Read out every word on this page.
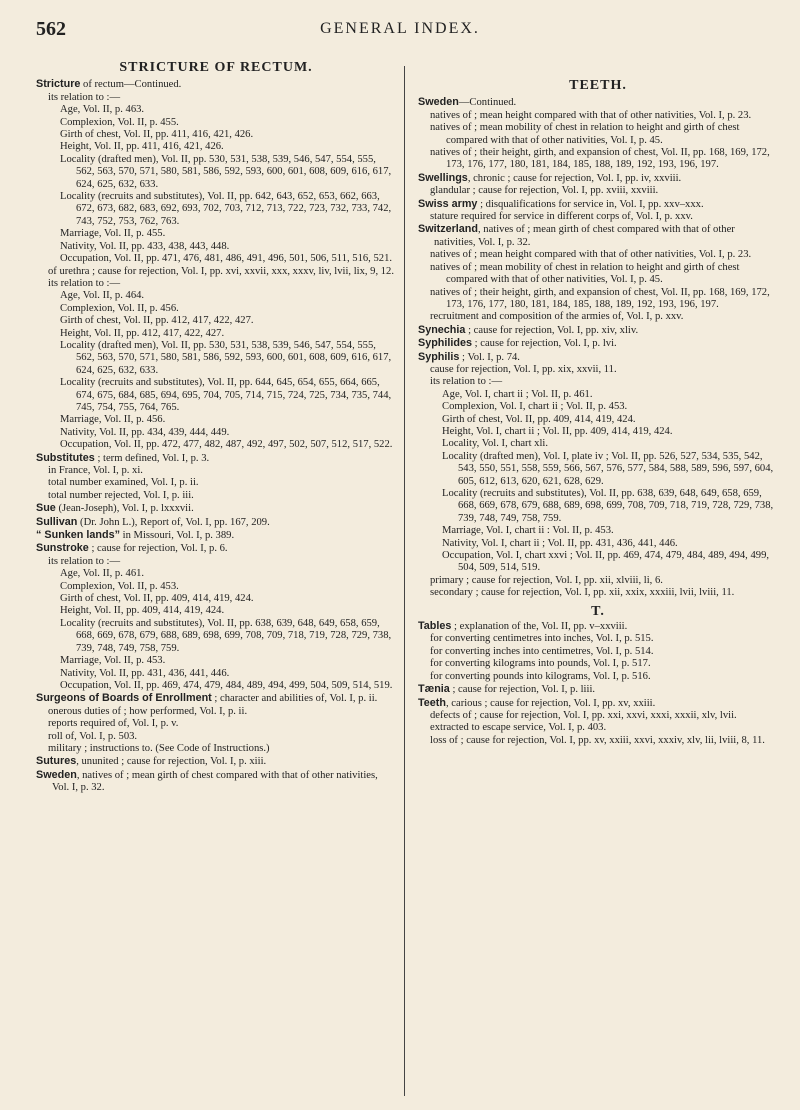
562	GENERAL INDEX.
STRICTURE OF RECTUM.
Stricture of rectum—Continued.
its relation to :—
Age, Vol. II, p. 463.
Complexion, Vol. II, p. 455.
Girth of chest, Vol. II, pp. 411, 416, 421, 426.
Height, Vol. II, pp. 411, 416, 421, 426.
Locality (drafted men), Vol. II, pp. 530, 531, 538, 539, 546, 547, 554, 555, 562, 563, 570, 571, 580, 581, 586, 592, 593, 600, 601, 608, 609, 616, 617, 624, 625, 632, 633.
Locality (recruits and substitutes), Vol. II, pp. 642, 643, 652, 653, 662, 663, 672, 673, 682, 683, 692, 693, 702, 703, 712, 713, 722, 723, 732, 733, 742, 743, 752, 753, 762, 763.
Marriage, Vol. II, p. 455.
Nativity, Vol. II, pp. 433, 438, 443, 448.
Occupation, Vol. II, pp. 471, 476, 481, 486, 491, 496, 501, 506, 511, 516, 521.
of urethra ; cause for rejection, Vol. I, pp. xvi, xxvii, xxx, xxxv, liv, lvii, lix, 9, 12.
its relation to :—
Age, Vol. II, p. 464.
Complexion, Vol. II, p. 456.
Girth of chest, Vol. II, pp. 412, 417, 422, 427.
Height, Vol. II, pp. 412, 417, 422, 427.
Locality (drafted men), Vol. II, pp. 530, 531, 538, 539, 546, 547, 554, 555, 562, 563, 570, 571, 580, 581, 586, 592, 593, 600, 601, 608, 609, 616, 617, 624, 625, 632, 633.
Locality (recruits and substitutes), Vol. II, pp. 644, 645, 654, 655, 664, 665, 674, 675, 684, 685, 694, 695, 704, 705, 714, 715, 724, 725, 734, 735, 744, 745, 754, 755, 764, 765.
Marriage, Vol. II, p. 456.
Nativity, Vol. II, pp. 434, 439, 444, 449.
Occupation, Vol. II, pp. 472, 477, 482, 487, 492, 497, 502, 507, 512, 517, 522.
Substitutes ; term defined, Vol. I, p. 3.
in France, Vol. I, p. xi.
total number examined, Vol. I, p. ii.
total number rejected, Vol. I, p. iii.
Sue (Jean-Joseph), Vol. I, p. lxxxvii.
Sullivan (Dr. John L.), Report of, Vol. I, pp. 167, 209.
“ Sunken lands” in Missouri, Vol. I, p. 389.
Sunstroke ; cause for rejection, Vol. I, p. 6.
its relation to :—
Age, Vol. II, p. 461.
Complexion, Vol. II, p. 453.
Girth of chest, Vol. II, pp. 409, 414, 419, 424.
Height, Vol. II, pp. 409, 414, 419, 424.
Locality (recruits and substitutes), Vol. II, pp. 638, 639, 648, 649, 658, 659, 668, 669, 678, 679, 688, 689, 698, 699, 708, 709, 718, 719, 728, 729, 738, 739, 748, 749, 758, 759.
Marriage, Vol. II, p. 453.
Nativity, Vol. II, pp. 431, 436, 441, 446.
Occupation, Vol. II, pp. 469, 474, 479, 484, 489, 494, 499, 504, 509, 514, 519.
Surgeons of Boards of Enrollment ; character and abilities of, Vol. I, p. ii.
onerous duties of ; how performed, Vol. I, p. ii.
reports required of, Vol. I, p. v.
roll of, Vol. I, p. 503.
military ; instructions to. (See Code of Instructions.)
Sutures, ununited ; cause for rejection, Vol. I, p. xiii.
Sweden, natives of ; mean girth of chest compared with that of other nativities, Vol. I, p. 32.
TEETH.
Sweden—Continued.
natives of ; mean height compared with that of other nativities, Vol. I, p. 23.
natives of ; mean mobility of chest in relation to height and girth of chest compared with that of other nativities, Vol. I, p. 45.
natives of ; their height, girth, and expansion of chest, Vol. II, pp. 168, 169, 172, 173, 176, 177, 180, 181, 184, 185, 188, 189, 192, 193, 196, 197.
Swellings, chronic ; cause for rejection, Vol. I, pp. iv, xxviii.
glandular ; cause for rejection, Vol. I, pp. xviii, xxviii.
Swiss army ; disqualifications for service in, Vol. I, pp. xxv–xxx.
stature required for service in different corps of, Vol. I, p. xxv.
Switzerland, natives of ; mean girth of chest compared with that of other nativities, Vol. I, p. 32.
natives of ; mean height compared with that of other nativities, Vol. I, p. 23.
natives of ; mean mobility of chest in relation to height and girth of chest compared with that of other nativities, Vol. I, p. 45.
natives of ; their height, girth, and expansion of chest, Vol. II, pp. 168, 169, 172, 173, 176, 177, 180, 181, 184, 185, 188, 189, 192, 193, 196, 197.
recruitment and composition of the armies of, Vol. I, p. xxv.
Synechia ; cause for rejection, Vol. I, pp. xiv, xliv.
Syphilides ; cause for rejection, Vol. I, p. lvi.
Syphilis ; Vol. I, p. 74.
cause for rejection, Vol. I, pp. xix, xxvii, 11.
its relation to :—
Age, Vol. I, chart ii ; Vol. II, p. 461.
Complexion, Vol. I, chart ii ; Vol. II, p. 453.
Girth of chest, Vol. II, pp. 409, 414, 419, 424.
Height, Vol. I, chart ii ; Vol. II, pp. 409, 414, 419, 424.
Locality, Vol. I, chart xli.
Locality (drafted men), Vol. I, plate iv ; Vol. II, pp. 526, 527, 534, 535, 542, 543, 550, 551, 558, 559, 566, 567, 576, 577, 584, 588, 589, 596, 597, 604, 605, 612, 613, 620, 621, 628, 629.
Locality (recruits and substitutes), Vol. II, pp. 638, 639, 648, 649, 658, 659, 668, 669, 678, 679, 688, 689, 698, 699, 708, 709, 718, 719, 728, 729, 738, 739, 748, 749, 758, 759.
Marriage, Vol. I, chart ii : Vol. II, p. 453.
Nativity, Vol. I, chart ii ; Vol. II, pp. 431, 436, 441, 446.
Occupation, Vol. I, chart xxvi ; Vol. II, pp. 469, 474, 479, 484, 489, 494, 499, 504, 509, 514, 519.
primary ; cause for rejection, Vol. I, pp. xii, xlviii, li, 6.
secondary ; cause for rejection, Vol. I, pp. xii, xxix, xxxiii, lvii, lviii, 11.
T.
Tables ; explanation of the, Vol. II, pp. v–xxviii.
for converting centimetres into inches, Vol. I, p. 515.
for converting inches into centimetres, Vol. I, p. 514.
for converting kilograms into pounds, Vol. I, p. 517.
for converting pounds into kilograms, Vol. I, p. 516.
Tænia ; cause for rejection, Vol. I, p. liii.
Teeth, carious ; cause for rejection, Vol. I, pp. xv, xxiii.
defects of ; cause for rejection, Vol. I, pp. xxi, xxvi, xxxi, xxxii, xlv, lvii.
extracted to escape service, Vol. I, p. 403.
loss of ; cause for rejection, Vol. I, pp. xv, xxiii, xxvi, xxxiv, xlv, lii, lviii, 8, 11.
